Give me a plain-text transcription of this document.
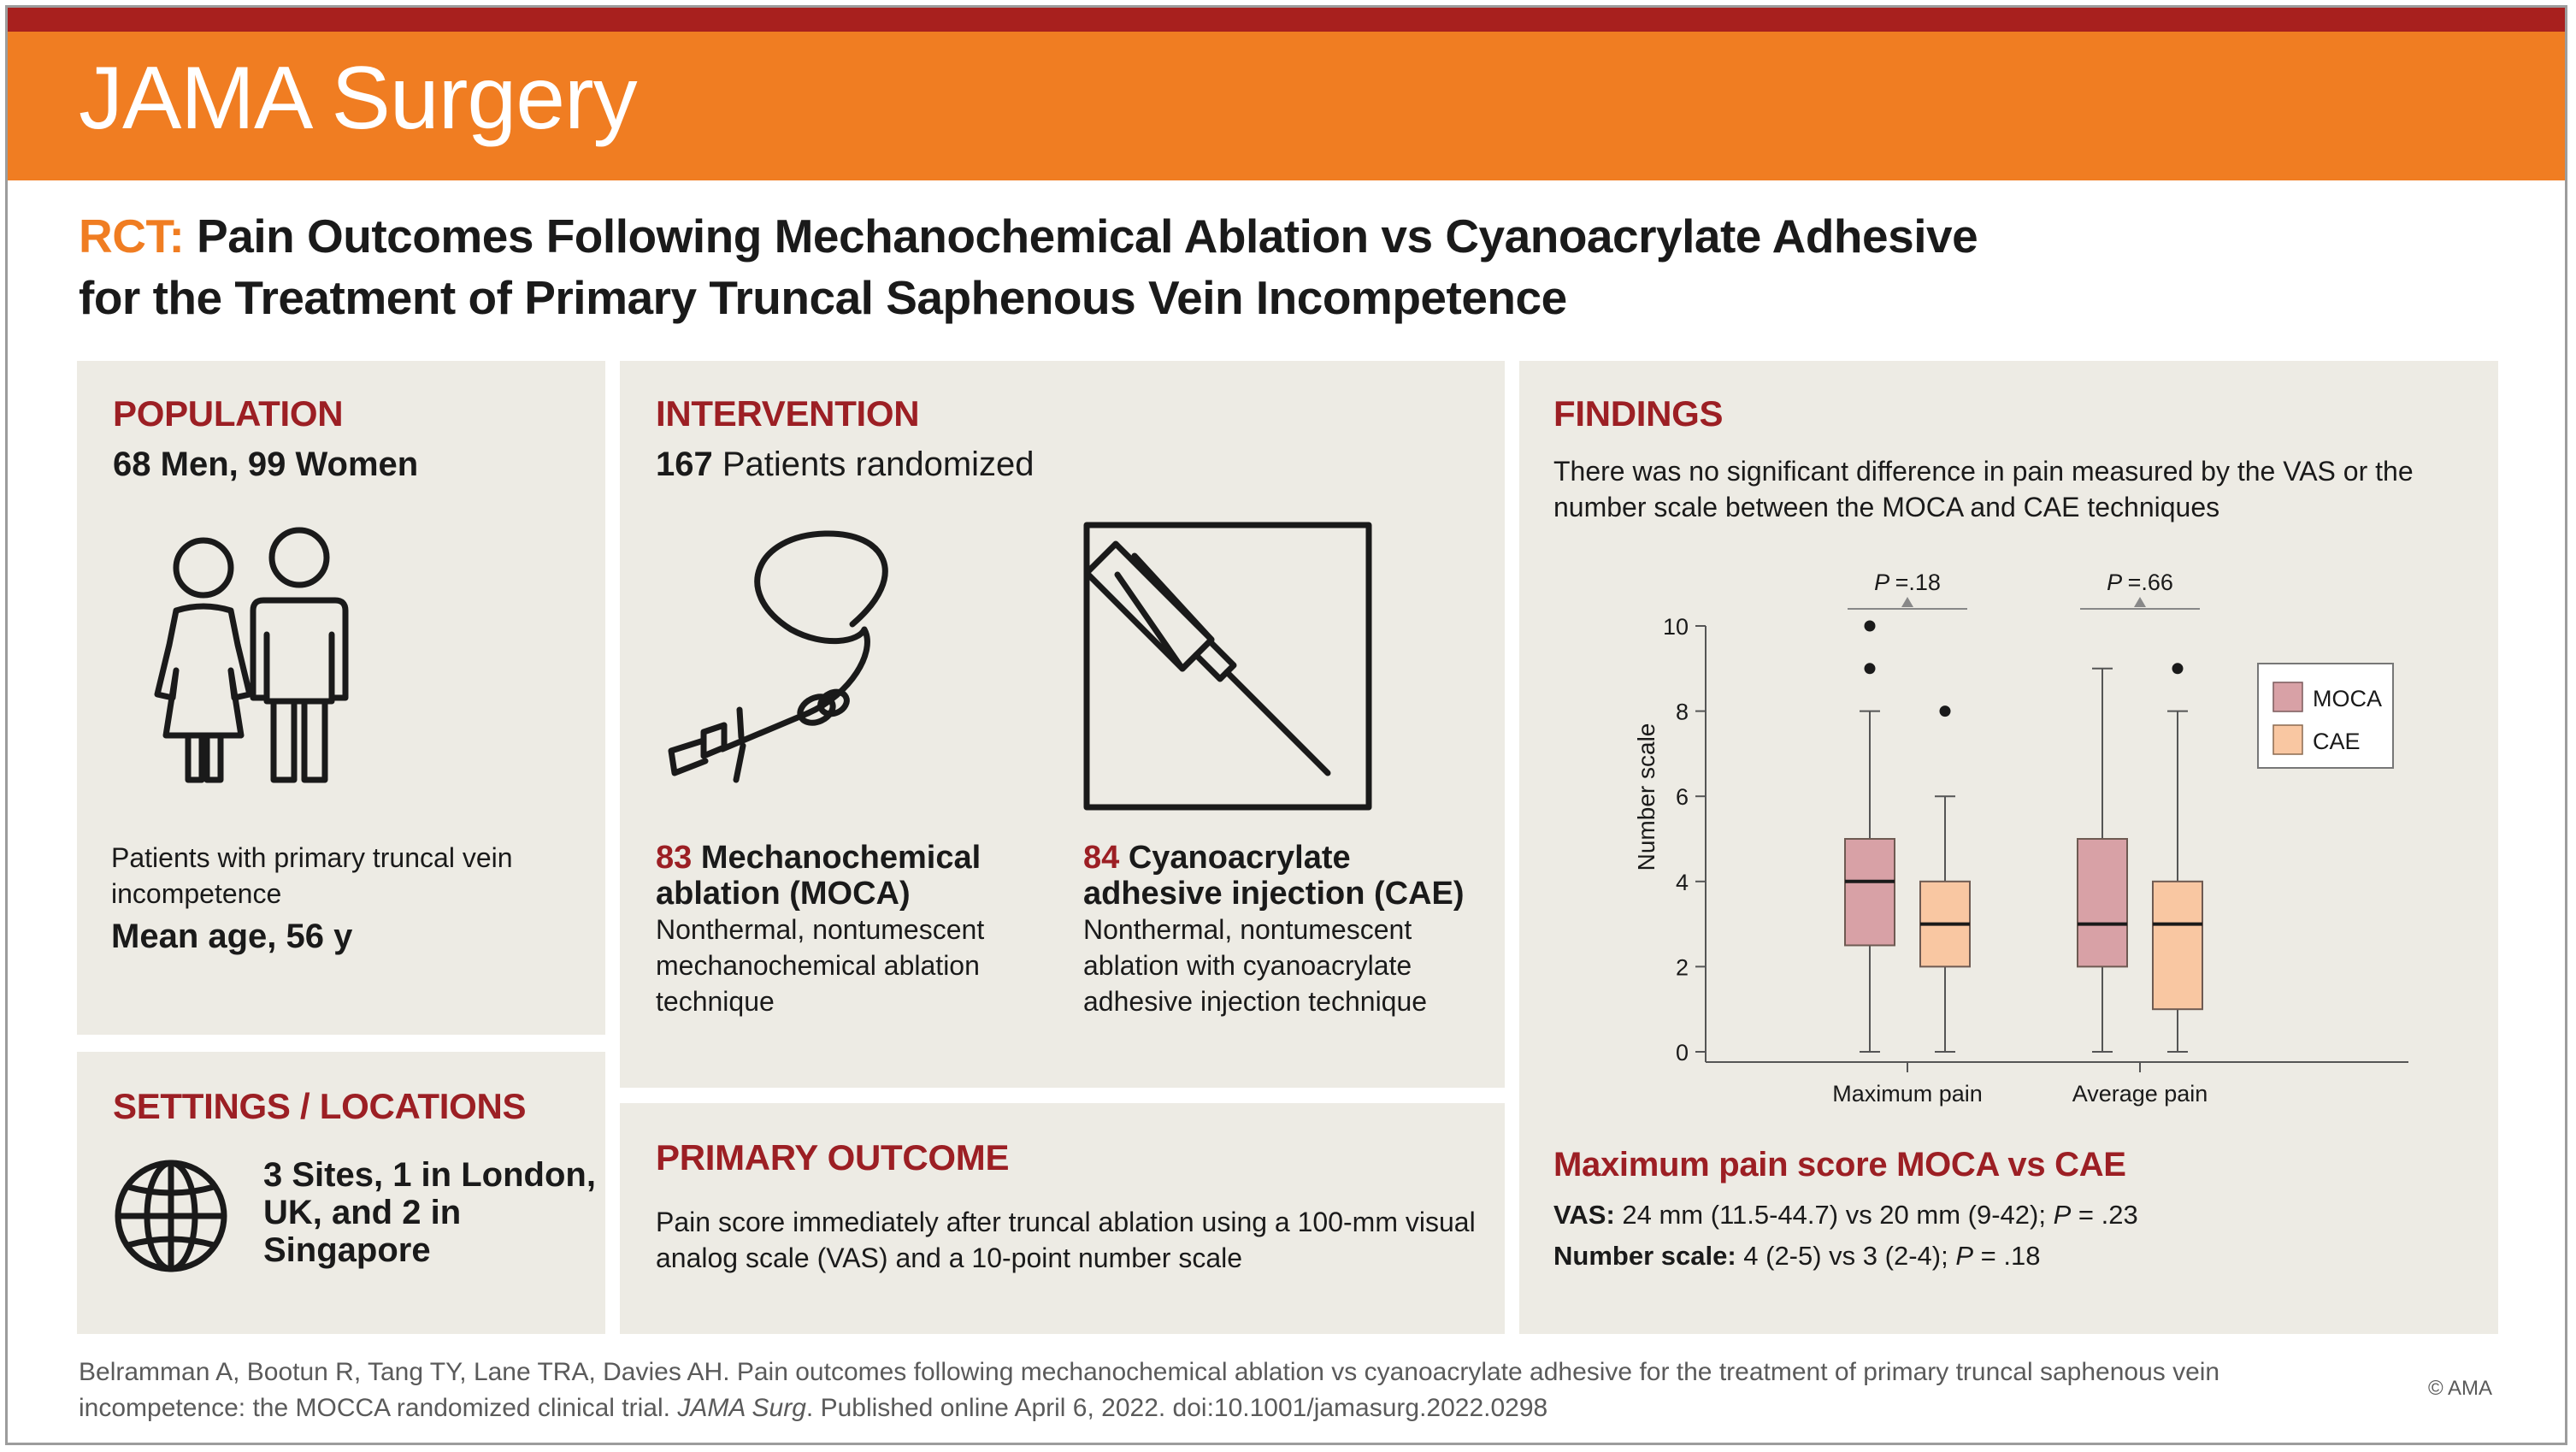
JAMA Surgery
RCT: Pain Outcomes Following Mechanochemical Ablation vs Cyanoacrylate Adhesive
for the Treatment of Primary Truncal Saphenous Vein Incompetence
POPULATION
68 Men, 99 Women
Patients with primary truncal vein incompetence
Mean age, 56 y
SETTINGS / LOCATIONS
3 Sites, 1 in London,
UK, and 2 in
Singapore
INTERVENTION
167 Patients randomized
83 Mechanochemical
ablation (MOCA)
Nonthermal, nontumescent
mechanochemical ablation
technique
84 Cyanoacrylate
adhesive injection (CAE)
Nonthermal, nontumescent
ablation with cyanoacrylate
adhesive injection technique
PRIMARY OUTCOME
Pain score immediately after truncal ablation using a 100-mm visual
analog scale (VAS) and a 10-point number scale
FINDINGS
There was no significant difference in pain measured by the VAS or the
number scale between the MOCA and CAE techniques
Number scale
0
2
4
6
8
10
Maximum pain	Average pain
P =.18	P =.66
MOCA
CAE
Maximum pain score MOCA vs CAE
VAS: 24 mm (11.5-44.7) vs 20 mm (9-42); P = .23
Number scale: 4 (2-5) vs 3 (2-4); P = .18
Belramman A, Bootun R, Tang TY, Lane TRA, Davies AH. Pain outcomes following mechanochemical ablation vs cyanoacrylate adhesive for the treatment of primary truncal saphenous vein
incompetence: the MOCCA randomized clinical trial. JAMA Surg. Published online April 6, 2022. doi:10.1001/jamasurg.2022.0298
© AMA
